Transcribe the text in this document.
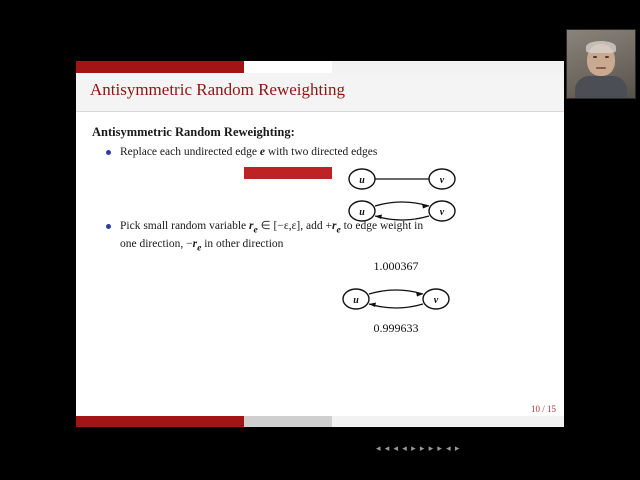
Antisymmetric Random Reweighting
Antisymmetric Random Reweighting:
Replace each undirected edge e with two directed edges
u	v
u	v
Pick small random variable $r_e$ ∈ [−ε,ε], add $+r_e$ to edge weight in
one direction, $-r_e$ in other direction
1.000367
u	v
0.999633
◂ ◂ ◂ ◂ ▸ ▸ ▸ ▸ ◂ ▸
10 / 15
